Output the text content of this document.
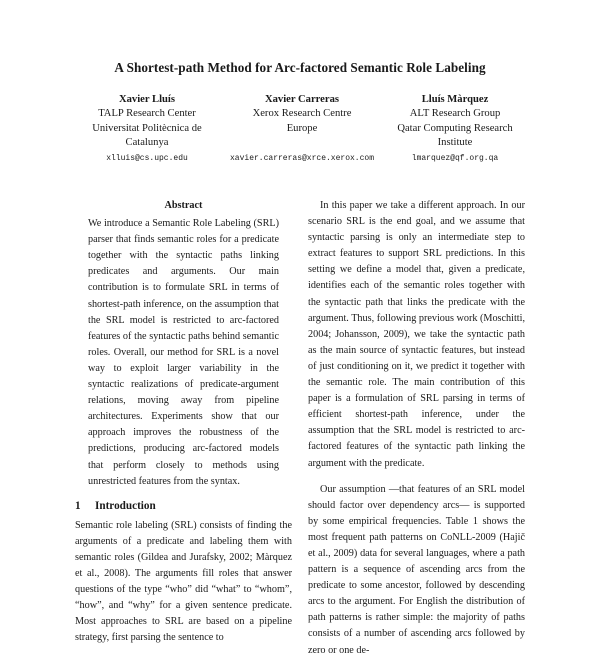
A Shortest-path Method for Arc-factored Semantic Role Labeling
Xavier Lluís
TALP Research Center
Universitat Politècnica de
Catalunya
xlluis@cs.upc.edu
Xavier Carreras
Xerox Research Centre
Europe
xavier.carreras@xrce.xerox.com
Lluís Màrquez
ALT Research Group
Qatar Computing Research
Institute
lmarquez@qf.org.qa
Abstract

We introduce a Semantic Role Labeling (SRL) parser that finds semantic roles for a predicate together with the syntactic paths linking predicates and arguments. Our main contribution is to formulate SRL in terms of shortest-path inference, on the assumption that the SRL model is restricted to arc-factored features of the syntactic paths behind semantic roles. Overall, our method for SRL is a novel way to exploit larger variability in the syntactic realizations of predicate-argument relations, moving away from pipeline architectures. Experiments show that our approach improves the robustness of the predictions, producing arc-factored models that perform closely to methods using unrestricted features from the syntax.

1 Introduction

Semantic role labeling (SRL) consists of finding the arguments of a predicate and labeling them with semantic roles (Gildea and Jurafsky, 2002; Màrquez et al., 2008). The arguments fill roles that answer questions of the type “who” did “what” to “whom”, “how”, and “why” for a given sentence predicate. Most approaches to SRL are based on a pipeline strategy, first parsing the sentence to

In this paper we take a different approach. In our scenario SRL is the end goal, and we assume that syntactic parsing is only an intermediate step to extract features to support SRL predictions. In this setting we define a model that, given a predicate, identifies each of the semantic roles together with the syntactic path that links the predicate with the argument. Thus, following previous work (Moschitti, 2004; Johansson, 2009), we take the syntactic path as the main source of syntactic features, but instead of just conditioning on it, we predict it together with the semantic role. The main contribution of this paper is a formulation of SRL parsing in terms of efficient shortest-path inference, under the assumption that the SRL model is restricted to arc-factored features of the syntactic path linking the argument with the predicate.

Our assumption —that features of an SRL model should factor over dependency arcs— is supported by some empirical frequencies. Table 1 shows the most frequent path patterns on CoNLL-2009 (Hajič et al., 2009) data for several languages, where a path pattern is a sequence of ascending arcs from the predicate to some ancestor, followed by descending arcs to the argument. For English the distribution of path patterns is rather simple: the majority of paths consists of a number of ascending arcs followed by zero or one de-
